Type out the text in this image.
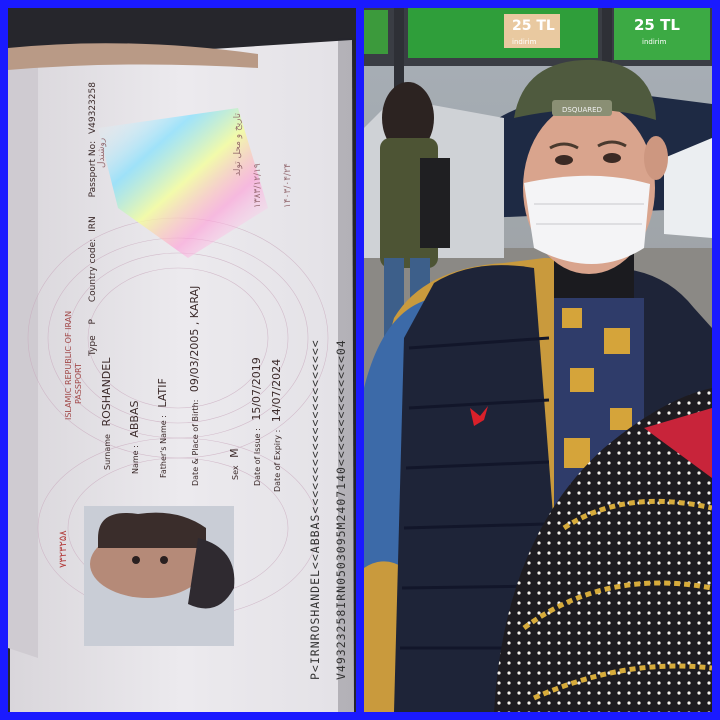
۷۳۲۳۲۵۸
روشندل	تاریخ و محل تولد
۱۳۸۳/۱۲/۱۹ ۱۴۰۳/۰۴/۲۴
ISLAMIC REPUBLIC OF IRAN PASSPORT
Type P Country code: IRN Passport No: V49323258
Surname ROSHANDEL
Name : ABBAS	Father's Name : LATIF
Date & Place of Birth: 09/03/2005 , KARAJ
Sex M	Date of Issue : 15/07/2019
Date of Expiry : 14/07/2024 P<IRNROSHANDEL<<ABBAS<<<<<<<<<<<<<<<<<<<<<< V49323258IRN0503095M2407140<<<<<<<<<<<<<<04
DSQUARED
25 TL
indirim
25 TL
indirim
